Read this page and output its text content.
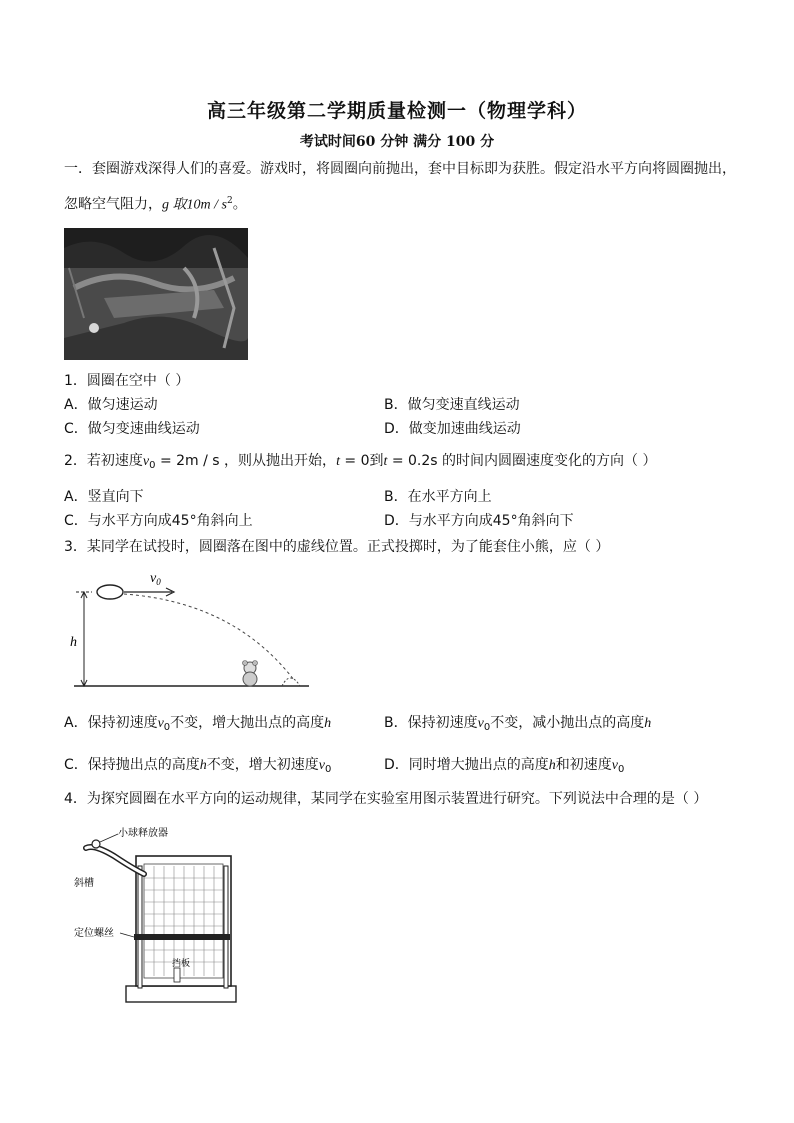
高三年级第二学期质量检测一（物理学科）
考试时间60 分钟 满分 100 分
一．套圈游戏深得人们的喜爱。游戏时，将圆圈向前抛出，套中目标即为获胜。假定沿水平方向将圆圈抛出，
忽略空气阻力，g 取$10m / s^2$。
1．圆圈在空中（ ）
A．做匀速运动	B．做匀变速直线运动
C．做匀变速曲线运动	D．做变加速曲线运动
2．若初速度$v_0 = 2m / s$ ，则从抛出开始，t = 0到t = 0.2s 的时间内圆圈速度变化的方向（ ）
A．竖直向下	B．在水平方向上
C．与水平方向成45°角斜向上	D．与水平方向成45°角斜向下
3．某同学在试投时，圆圈落在图中的虚线位置。正式投掷时，为了能套住小熊，应（ ）
h
$v_0$
A．保持初速度$v_0$不变，增大抛出点的高度h	B．保持初速度$v_0$不变，减小抛出点的高度h
C．保持抛出点的高度h不变，增大初速度$v_0$	D．同时增大抛出点的高度h和初速度$v_0$
4．为探究圆圈在水平方向的运动规律，某同学在实验室用图示装置进行研究。下列说法中合理的是（ ）
小球释放器
斜槽
定位螺丝
挡板
